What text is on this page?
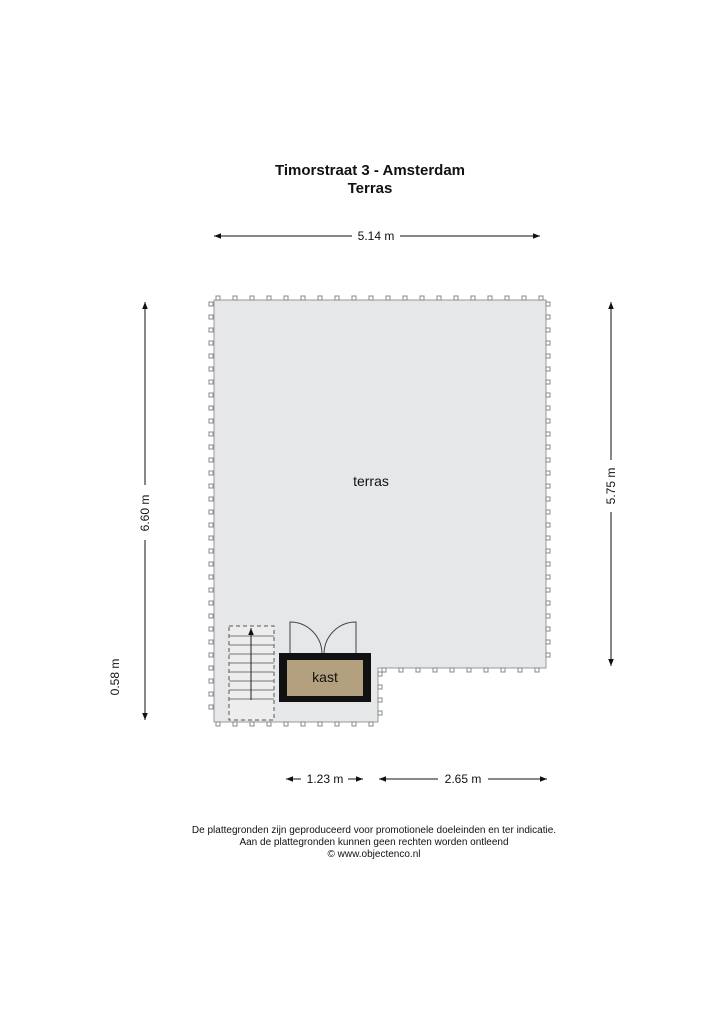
Timorstraat 3 - Amsterdam
Terras
kast
terras
5.14 m
6.60 m
0.58 m
5.75 m
1.23 m	2.65 m
De plattegronden zijn geproduceerd voor promotionele doeleinden en ter indicatie.
Aan de plattegronden kunnen geen rechten worden ontleend
© www.objectenco.nl
